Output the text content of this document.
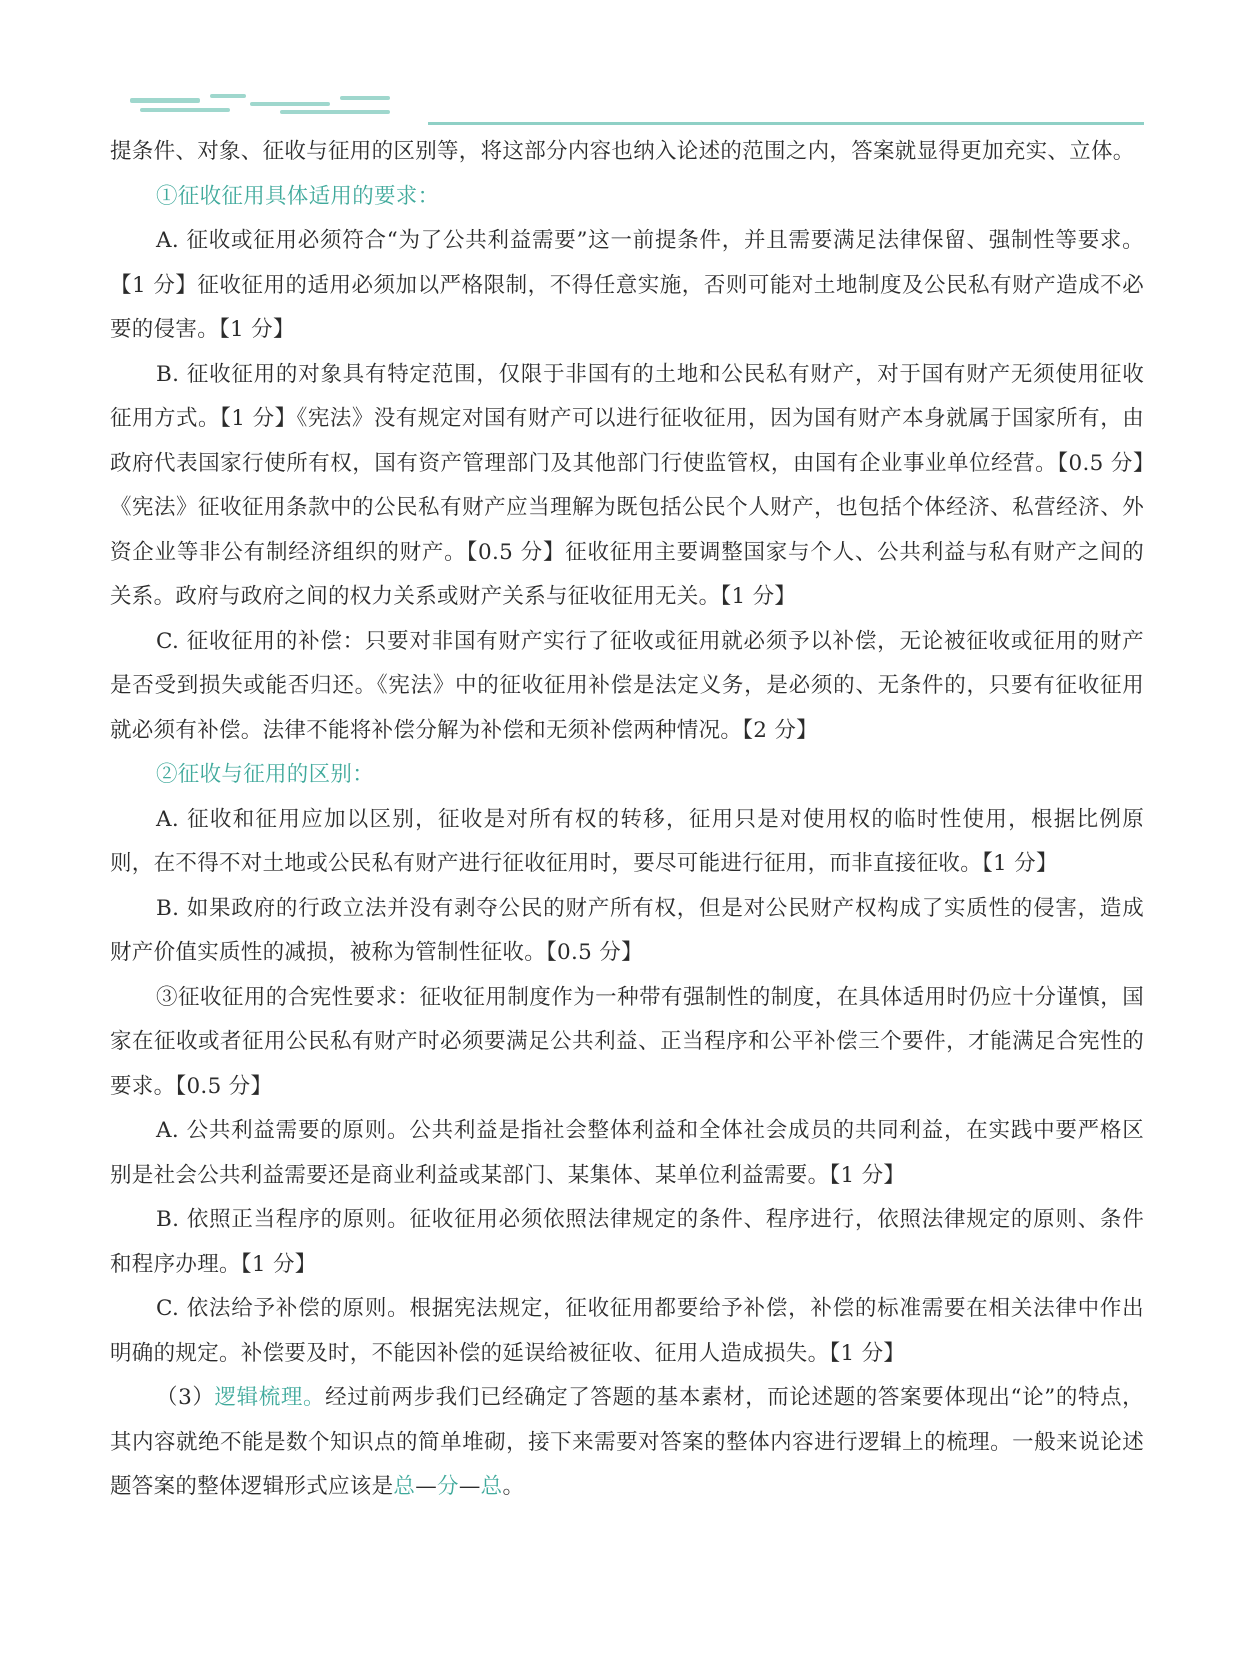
提条件、对象、征收与征用的区别等，将这部分内容也纳入论述的范围之内，答案就显得更加充实、立体。

①征收征用具体适用的要求：

A. 征收或征用必须符合“为了公共利益需要”这一前提条件，并且需要满足法律保留、强制性等要求。【1 分】征收征用的适用必须加以严格限制，不得任意实施，否则可能对土地制度及公民私有财产造成不必要的侵害。【1 分】

B. 征收征用的对象具有特定范围，仅限于非国有的土地和公民私有财产，对于国有财产无须使用征收征用方式。【1 分】《宪法》没有规定对国有财产可以进行征收征用，因为国有财产本身就属于国家所有，由政府代表国家行使所有权，国有资产管理部门及其他部门行使监管权，由国有企业事业单位经营。【0.5 分】《宪法》征收征用条款中的公民私有财产应当理解为既包括公民个人财产，也包括个体经济、私营经济、外资企业等非公有制经济组织的财产。【0.5 分】征收征用主要调整国家与个人、公共利益与私有财产之间的关系。政府与政府之间的权力关系或财产关系与征收征用无关。【1 分】

C. 征收征用的补偿：只要对非国有财产实行了征收或征用就必须予以补偿，无论被征收或征用的财产是否受到损失或能否归还。《宪法》中的征收征用补偿是法定义务，是必须的、无条件的，只要有征收征用就必须有补偿。法律不能将补偿分解为补偿和无须补偿两种情况。【2 分】

②征收与征用的区别：

A. 征收和征用应加以区别，征收是对所有权的转移，征用只是对使用权的临时性使用，根据比例原则，在不得不对土地或公民私有财产进行征收征用时，要尽可能进行征用，而非直接征收。【1 分】

B. 如果政府的行政立法并没有剥夺公民的财产所有权，但是对公民财产权构成了实质性的侵害，造成财产价值实质性的减损，被称为管制性征收。【0.5 分】

③征收征用的合宪性要求：征收征用制度作为一种带有强制性的制度，在具体适用时仍应十分谨慎，国家在征收或者征用公民私有财产时必须要满足公共利益、正当程序和公平补偿三个要件，才能满足合宪性的要求。【0.5 分】

A. 公共利益需要的原则。公共利益是指社会整体利益和全体社会成员的共同利益，在实践中要严格区别是社会公共利益需要还是商业利益或某部门、某集体、某单位利益需要。【1 分】

B. 依照正当程序的原则。征收征用必须依照法律规定的条件、程序进行，依照法律规定的原则、条件和程序办理。【1 分】

C. 依法给予补偿的原则。根据宪法规定，征收征用都要给予补偿，补偿的标准需要在相关法律中作出明确的规定。补偿要及时，不能因补偿的延误给被征收、征用人造成损失。【1 分】

（3）逻辑梳理。经过前两步我们已经确定了答题的基本素材，而论述题的答案要体现出“论”的特点，其内容就绝不能是数个知识点的简单堆砌，接下来需要对答案的整体内容进行逻辑上的梳理。一般来说论述题答案的整体逻辑形式应该是总—分—总。
